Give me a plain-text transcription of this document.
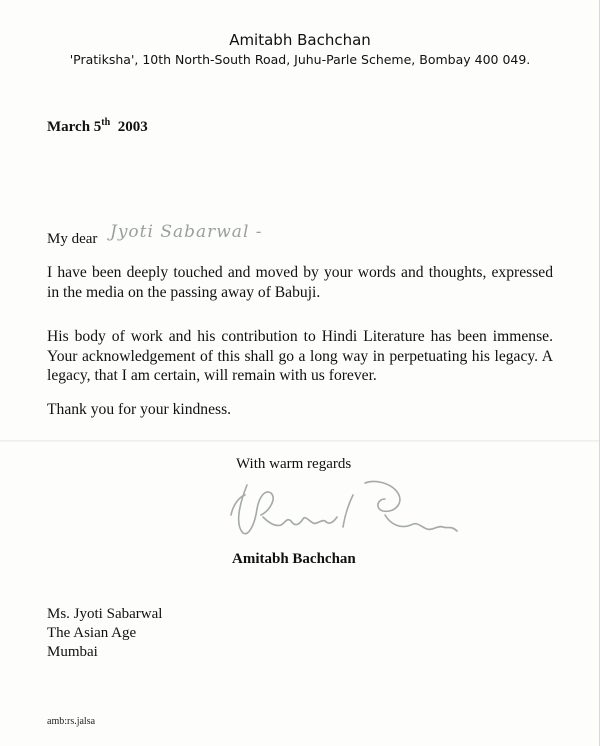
Amitabh Bachchan
'Pratiksha', 10th North-South Road, Juhu-Parle Scheme, Bombay 400 049.
March 5th 2003
My dear Jyoti Sabarwal -

I have been deeply touched and moved by your words and thoughts, expressed in the media on the passing away of Babuji.

His body of work and his contribution to Hindi Literature has been immense. Your acknowledgement of this shall go a long way in perpetuating his legacy. A legacy, that I am certain, will remain with us forever.

Thank you for your kindness.

With warm regards
Amitabh Bachchan
Amitabh Bachchan
Ms. Jyoti Sabarwal
The Asian Age
Mumbai
amb:rs.jalsa
